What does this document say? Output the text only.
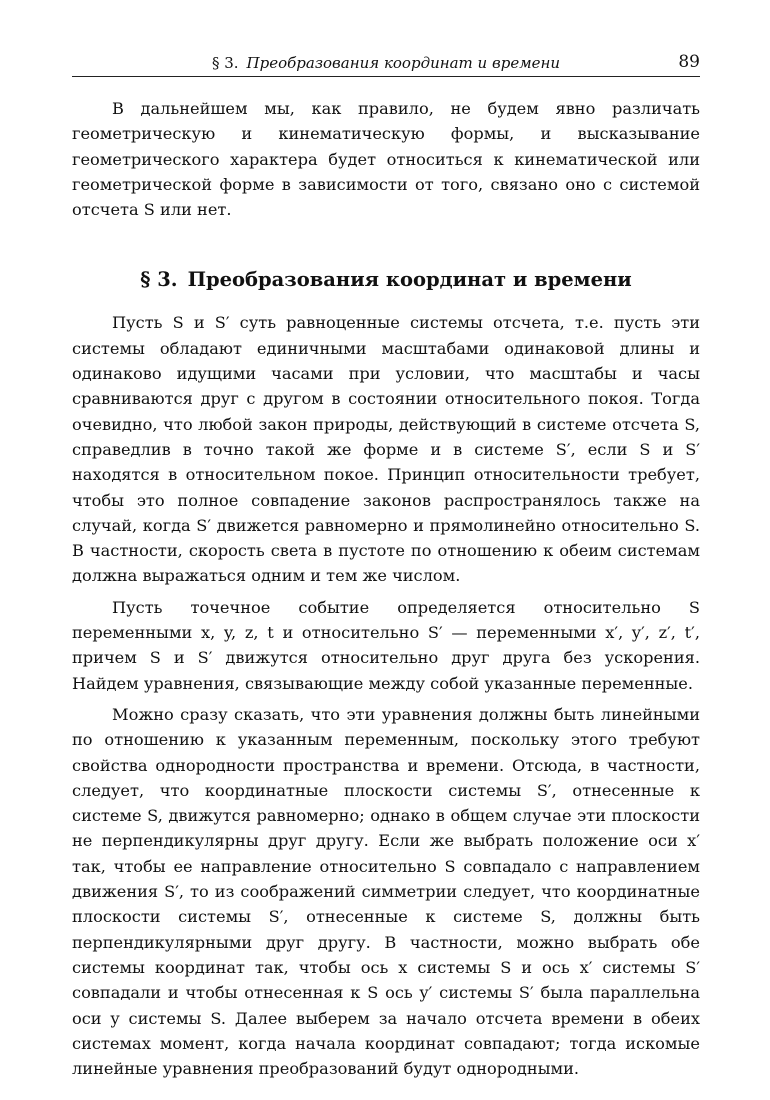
§ 3. Преобразования координат и времени	89

В дальнейшем мы, как правило, не будем явно различать геометрическую и кинематическую формы, и высказывание геометрического характера будет относиться к кинематической или геометрической форме в зависимости от того, связано оно с системой отсчета S или нет.

§ 3. Преобразования координат и времени

Пусть S и S′ суть равноценные системы отсчета, т.е. пусть эти системы обладают единичными масштабами одинаковой длины и одинаково идущими часами при условии, что масштабы и часы сравниваются друг с другом в состоянии относительного покоя. Тогда очевидно, что любой закон природы, действующий в системе отсчета S, справедлив в точно такой же форме и в системе S′, если S и S′ находятся в относительном покое. Принцип относительности требует, чтобы это полное совпадение законов распространялось также на случай, когда S′ движется равномерно и прямолинейно относительно S. В частности, скорость света в пустоте по отношению к обеим системам должна выражаться одним и тем же числом.

Пусть точечное событие определяется относительно S переменными x, y, z, t и относительно S′ — переменными x′, y′, z′, t′, причем S и S′ движутся относительно друг друга без ускорения. Найдем уравнения, связывающие между собой указанные переменные.

Можно сразу сказать, что эти уравнения должны быть линейными по отношению к указанным переменным, поскольку этого требуют свойства однородности пространства и времени. Отсюда, в частности, следует, что координатные плоскости системы S′, отнесенные к системе S, движутся равномерно; однако в общем случае эти плоскости не перпендикулярны друг другу. Если же выбрать положение оси x′ так, чтобы ее направление относительно S совпадало с направлением движения S′, то из соображений симметрии следует, что координатные плоскости системы S′, отнесенные к системе S, должны быть перпендикулярными друг другу. В частности, можно выбрать обе системы координат так, чтобы ось x системы S и ось x′ системы S′ совпадали и чтобы отнесенная к S ось y′ системы S′ была параллельна оси y системы S. Далее выберем за начало отсчета времени в обеих системах момент, когда начала координат совпадают; тогда искомые линейные уравнения преобразований будут однородными.
